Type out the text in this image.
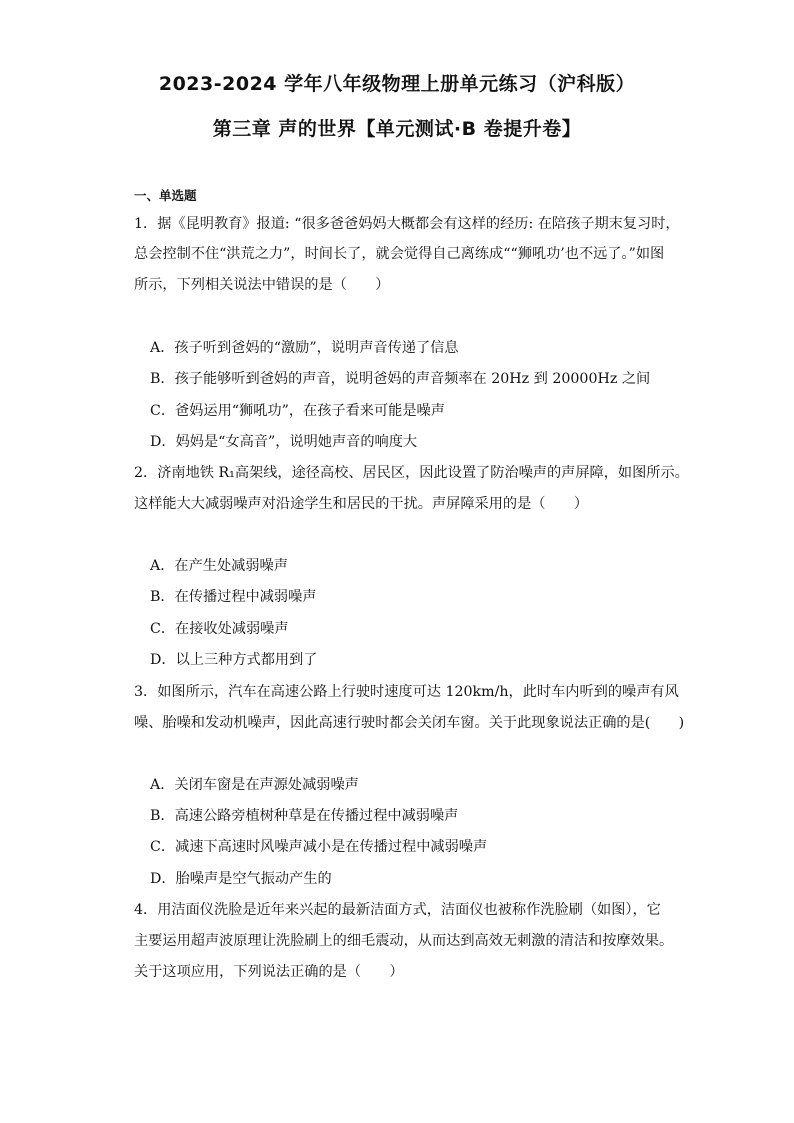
2023-2024 学年八年级物理上册单元练习（沪科版）
第三章 声的世界【单元测试·B 卷提升卷】
一、单选题
1．据《昆明教育》报道: “很多爸爸妈妈大概都会有这样的经历: 在陪孩子期末复习时，
总会控制不住“洪荒之力”，时间长了，就会觉得自己离练成““狮吼功’也不远了。”如图
所示，下列相关说法中错误的是（　　）
A．孩子听到爸妈的“激励”，说明声音传递了信息
B．孩子能够听到爸妈的声音，说明爸妈的声音频率在 20Hz 到 20000Hz 之间
C．爸妈运用“狮吼功”，在孩子看来可能是噪声
D．妈妈是“女高音”，说明她声音的响度大
2．济南地铁 R₁高架线，途径高校、居民区，因此设置了防治噪声的声屏障，如图所示。
这样能大大减弱噪声对沿途学生和居民的干扰。声屏障采用的是（　　）
A．在产生处减弱噪声
B．在传播过程中减弱噪声
C．在接收处减弱噪声
D．以上三种方式都用到了
3．如图所示，汽车在高速公路上行驶时速度可达 120km/h，此时车内听到的噪声有风
噪、胎噪和发动机噪声，因此高速行驶时都会关闭车窗。关于此现象说法正确的是(　　)
A．关闭车窗是在声源处减弱噪声
B．高速公路旁植树种草是在传播过程中减弱噪声
C．减速下高速时风噪声减小是在传播过程中减弱噪声
D．胎噪声是空气振动产生的
4．用洁面仪洗脸是近年来兴起的最新洁面方式，洁面仪也被称作洗脸刷（如图），它
主要运用超声波原理让洗脸刷上的细毛震动，从而达到高效无刺激的清洁和按摩效果。
关于这项应用，下列说法正确的是（　　）
